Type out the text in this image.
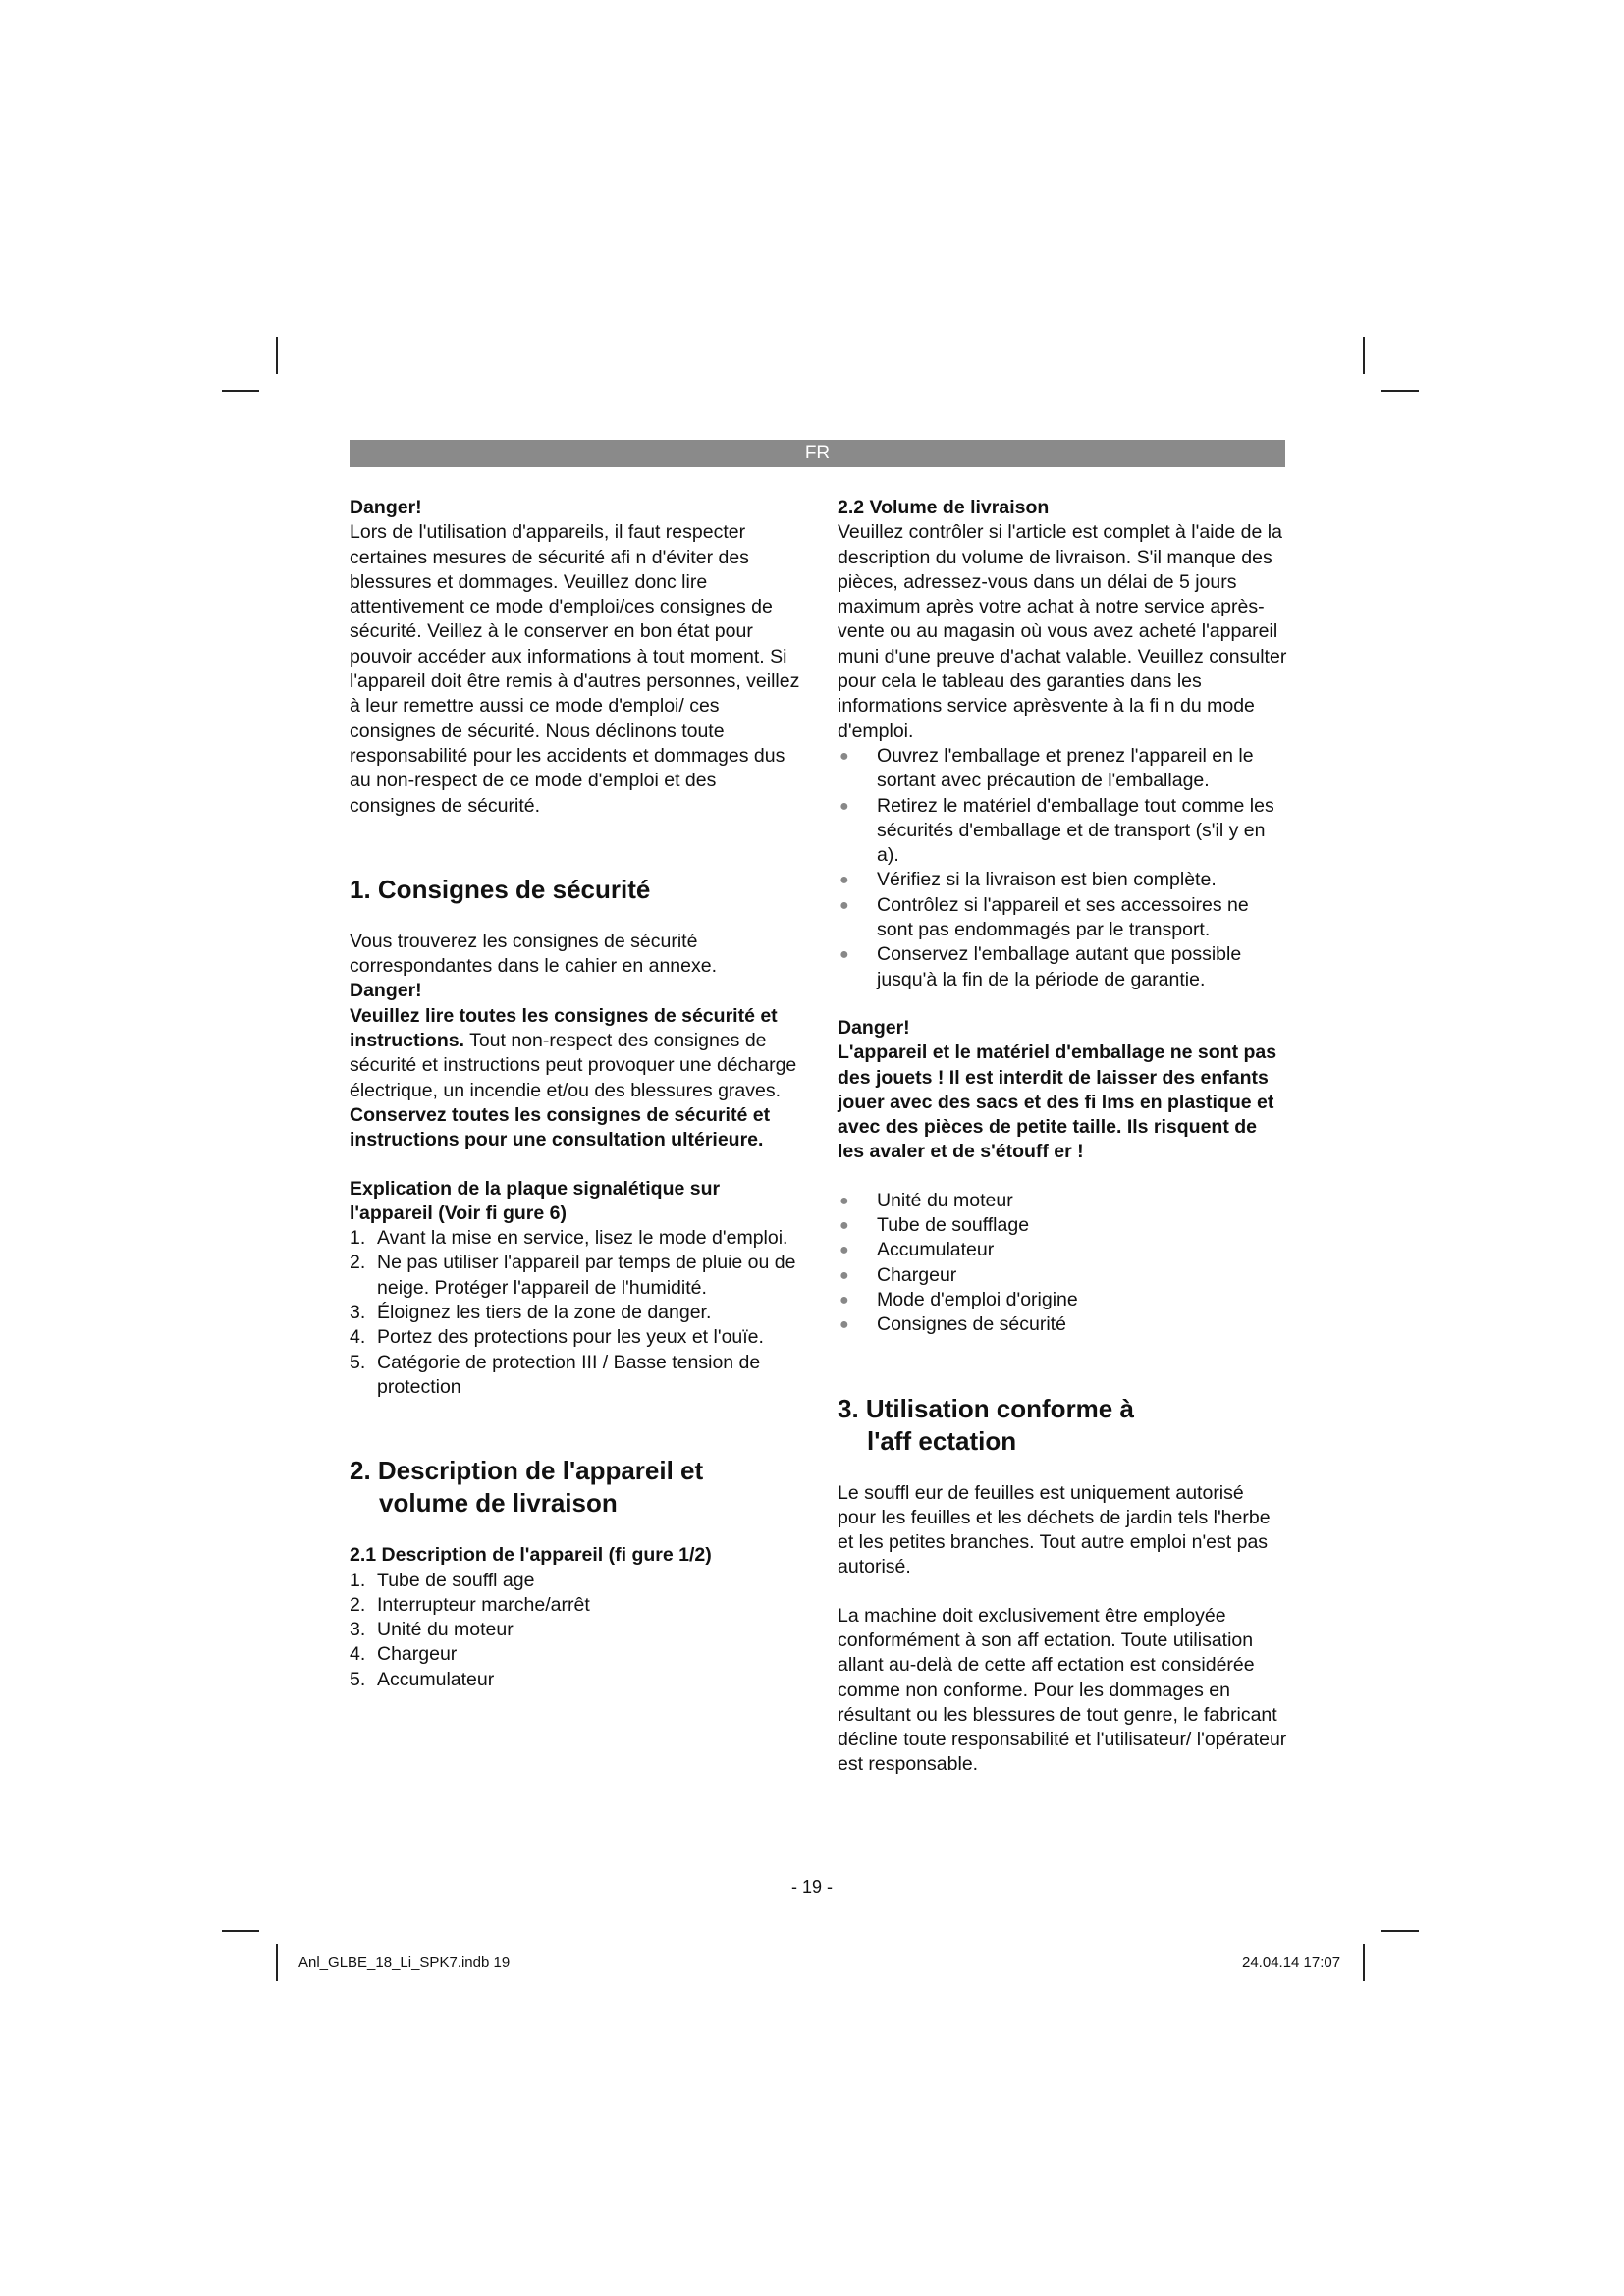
FR

Danger!

Lors de l'utilisation d'appareils, il faut respecter certaines mesures de sécurité afi n d'éviter des blessures et dommages. Veuillez donc lire attentivement ce mode d'emploi/ces consignes de sécurité. Veillez à le conserver en bon état pour pouvoir accéder aux informations à tout moment. Si l'appareil doit être remis à d'autres personnes, veillez à leur remettre aussi ce mode d'emploi/ ces consignes de sécurité. Nous déclinons toute responsabilité pour les accidents et dommages dus au non-respect de ce mode d'emploi et des consignes de sécurité.

1. Consignes de sécurité

Vous trouverez les consignes de sécurité correspondantes dans le cahier en annexe.

Danger!

Veuillez lire toutes les consignes de sécurité et instructions. Tout non-respect des consignes de sécurité et instructions peut provoquer une décharge électrique, un incendie et/ou des blessures graves.

Conservez toutes les consignes de sécurité et instructions pour une consultation ultérieure.

Explication de la plaque signalétique sur l'appareil (Voir fi gure 6)

1. Avant la mise en service, lisez le mode d'emploi.
2. Ne pas utiliser l'appareil par temps de pluie ou de neige. Protéger l'appareil de l'humidité.
3. Éloignez les tiers de la zone de danger.
4. Portez des protections pour les yeux et l'ouïe.
5. Catégorie de protection III / Basse tension de protection
2. Description de l'appareil et
volume de livraison

2.1 Description de l'appareil (fi gure 1/2)

1. Tube de souffl age
2. Interrupteur marche/arrêt
3. Unité du moteur
4. Chargeur
5. Accumulateur

2.2 Volume de livraison

Veuillez contrôler si l'article est complet à l'aide de la description du volume de livraison. S'il manque des pièces, adressez-vous dans un délai de 5 jours maximum après votre achat à notre service après-vente ou au magasin où vous avez acheté l'appareil muni d'une preuve d'achat valable. Veuillez consulter pour cela le tableau des garanties dans les informations service aprèsvente à la fi n du mode d'emploi.

●	Ouvrez l'emballage et prenez l'appareil en le sortant avec précaution de l'emballage.
●	Retirez le matériel d'emballage tout comme les sécurités d'emballage et de transport (s'il y en a).
●	Vérifiez si la livraison est bien complète.
●	Contrôlez si l'appareil et ses accessoires ne sont pas endommagés par le transport.
●	Conservez l'emballage autant que possible jusqu'à la fin de la période de garantie.

Danger!

L'appareil et le matériel d'emballage ne sont pas des jouets ! Il est interdit de laisser des enfants jouer avec des sacs et des fi lms en plastique et avec des pièces de petite taille. Ils risquent de les avaler et de s'étouff er !

●	Unité du moteur
●	Tube de soufflage
●	Accumulateur
●	Chargeur
●	Mode d'emploi d'origine
●	Consignes de sécurité
3. Utilisation conforme à
l'aff ectation

Le souffl eur de feuilles est uniquement autorisé pour les feuilles et les déchets de jardin tels l'herbe et les petites branches. Tout autre emploi n'est pas autorisé.

La machine doit exclusivement être employée conformément à son aff ectation. Toute utilisation allant au-delà de cette aff ectation est considérée comme non conforme. Pour les dommages en résultant ou les blessures de tout genre, le fabricant décline toute responsabilité et l'utilisateur/ l'opérateur est responsable.

- 19 -
Anl_GLBE_18_Li_SPK7.indb 19	24.04.14 17:07
